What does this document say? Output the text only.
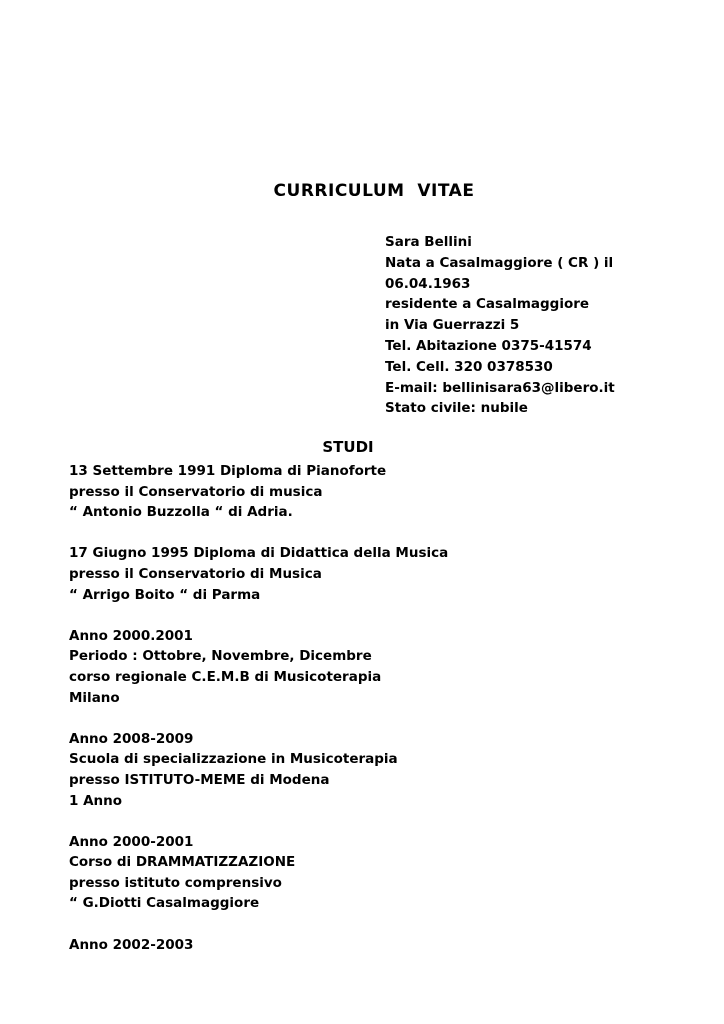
CURRICULUM  VITAE
Sara Bellini
Nata a Casalmaggiore ( CR ) il
06.04.1963
residente a Casalmaggiore
in Via Guerrazzi 5
Tel. Abitazione 0375-41574
Tel. Cell. 320 0378530
E-mail: bellinisara63@libero.it
Stato civile: nubile
STUDI
13 Settembre 1991 Diploma di Pianoforte
presso il Conservatorio di musica
“ Antonio Buzzolla “ di Adria.
17 Giugno 1995 Diploma di Didattica della Musica
presso il Conservatorio di Musica
“ Arrigo Boito “ di Parma
Anno 2000.2001
Periodo : Ottobre, Novembre, Dicembre
corso regionale C.E.M.B di Musicoterapia
Milano
Anno 2008-2009
Scuola di specializzazione in Musicoterapia
presso ISTITUTO-MEME di Modena
1 Anno
Anno 2000-2001
Corso di DRAMMATIZZAZIONE
presso istituto comprensivo
“ G.Diotti Casalmaggiore
Anno 2002-2003
